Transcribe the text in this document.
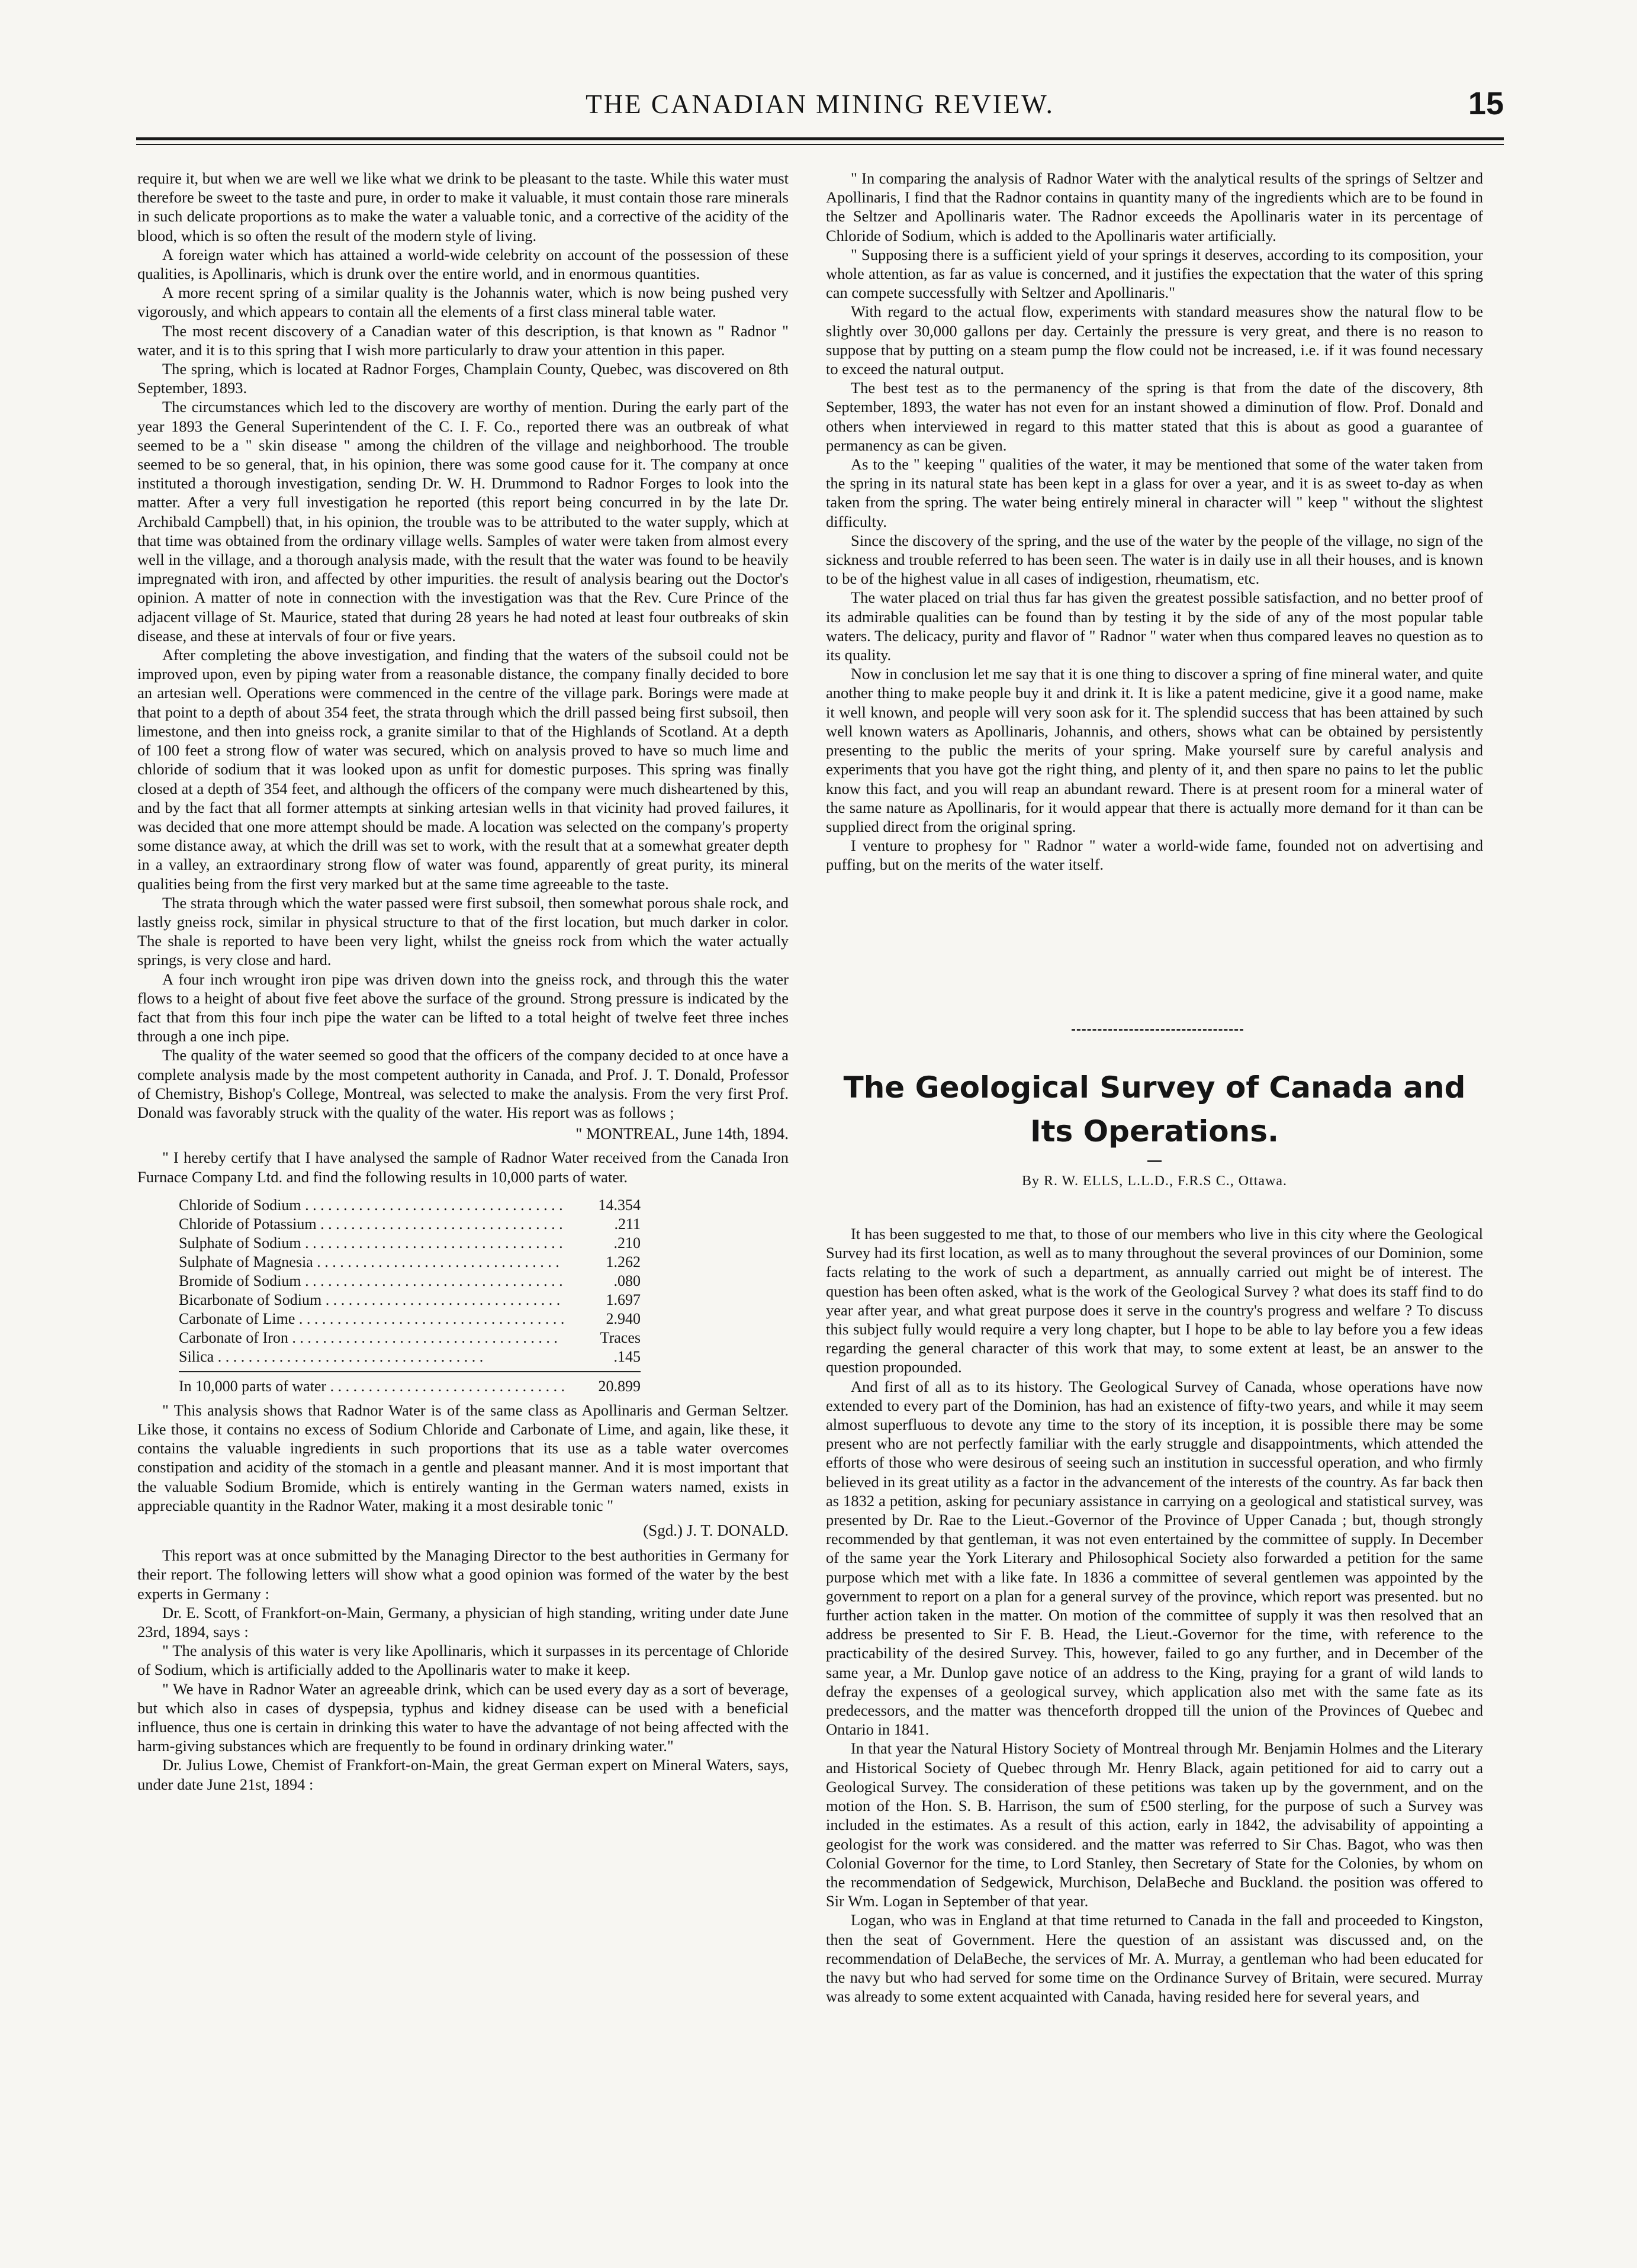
THE CANADIAN MINING REVIEW.	15

require it, but when we are well we like what we drink to be pleasant to the taste. While this water must therefore be sweet to the taste and pure, in order to make it valuable, it must contain those rare minerals in such delicate proportions as to make the water a valuable tonic, and a corrective of the acidity of the blood, which is so often the result of the modern style of living.

A foreign water which has attained a world-wide celebrity on account of the possession of these qualities, is Apollinaris, which is drunk over the entire world, and in enormous quantities.

A more recent spring of a similar quality is the Johannis water, which is now being pushed very vigorously, and which appears to contain all the elements of a first class mineral table water.

The most recent discovery of a Canadian water of this description, is that known as " Radnor " water, and it is to this spring that I wish more particularly to draw your attention in this paper.

The spring, which is located at Radnor Forges, Champlain County, Quebec, was discovered on 8th September, 1893.

The circumstances which led to the discovery are worthy of mention. During the early part of the year 1893 the General Superintendent of the C. I. F. Co., reported there was an outbreak of what seemed to be a " skin disease " among the children of the village and neighborhood. The trouble seemed to be so general, that, in his opinion, there was some good cause for it. The company at once instituted a thorough investigation, sending Dr. W. H. Drummond to Radnor Forges to look into the matter. After a very full investigation he reported (this report being concurred in by the late Dr. Archibald Campbell) that, in his opinion, the trouble was to be attributed to the water supply, which at that time was obtained from the ordinary village wells. Samples of water were taken from almost every well in the village, and a thorough analysis made, with the result that the water was found to be heavily impregnated with iron, and affected by other impurities. the result of analysis bearing out the Doctor's opinion. A matter of note in connection with the investigation was that the Rev. Cure Prince of the adjacent village of St. Maurice, stated that during 28 years he had noted at least four outbreaks of skin disease, and these at intervals of four or five years.

After completing the above investigation, and finding that the waters of the subsoil could not be improved upon, even by piping water from a reasonable distance, the company finally decided to bore an artesian well. Operations were commenced in the centre of the village park. Borings were made at that point to a depth of about 354 feet, the strata through which the drill passed being first subsoil, then limestone, and then into gneiss rock, a granite similar to that of the Highlands of Scotland. At a depth of 100 feet a strong flow of water was secured, which on analysis proved to have so much lime and chloride of sodium that it was looked upon as unfit for domestic purposes. This spring was finally closed at a depth of 354 feet, and although the officers of the company were much disheartened by this, and by the fact that all former attempts at sinking artesian wells in that vicinity had proved failures, it was decided that one more attempt should be made. A location was selected on the company's property some distance away, at which the drill was set to work, with the result that at a somewhat greater depth in a valley, an extraordinary strong flow of water was found, apparently of great purity, its mineral qualities being from the first very marked but at the same time agreeable to the taste.

The strata through which the water passed were first subsoil, then somewhat porous shale rock, and lastly gneiss rock, similar in physical structure to that of the first location, but much darker in color. The shale is reported to have been very light, whilst the gneiss rock from which the water actually springs, is very close and hard.

A four inch wrought iron pipe was driven down into the gneiss rock, and through this the water flows to a height of about five feet above the surface of the ground. Strong pressure is indicated by the fact that from this four inch pipe the water can be lifted to a total height of twelve feet three inches through a one inch pipe.

The quality of the water seemed so good that the officers of the company decided to at once have a complete analysis made by the most competent authority in Canada, and Prof. J. T. Donald, Professor of Chemistry, Bishop's College, Montreal, was selected to make the analysis. From the very first Prof. Donald was favorably struck with the quality of the water. His report was as follows ;

" MONTREAL, June 14th, 1894.

" I hereby certify that I have analysed the sample of Radnor Water received from the Canada Iron Furnace Company Ltd. and find the following results in 10,000 parts of water.

Chloride of Sodium . . .	14.354
Chloride of Potassium . . .	.211
Sulphate of Sodium . . .	.210
Sulphate of Magnesia . . .	1.262
Bromide of Sodium . . .	.080
Bicarbonate of Sodium . . .	1.697
Carbonate of Lime . . .	2.940
Carbonate of Iron . . .	Traces
Silica . . .	.145
In 10,000 parts of water . . .	20.899

" This analysis shows that Radnor Water is of the same class as Apollinaris and German Seltzer. Like those, it contains no excess of Sodium Chloride and Carbonate of Lime, and again, like these, it contains the valuable ingredients in such proportions that its use as a table water overcomes constipation and acidity of the stomach in a gentle and pleasant manner. And it is most important that the valuable Sodium Bromide, which is entirely wanting in the German waters named, exists in appreciable quantity in the Radnor Water, making it a most desirable tonic "

(Sgd.) J. T. DONALD.

This report was at once submitted by the Managing Director to the best authorities in Germany for their report. The following letters will show what a good opinion was formed of the water by the best experts in Germany :

Dr. E. Scott, of Frankfort-on-Main, Germany, a physician of high standing, writing under date June 23rd, 1894, says :

" The analysis of this water is very like Apollinaris, which it surpasses in its percentage of Chloride of Sodium, which is artificially added to the Apollinaris water to make it keep.

" We have in Radnor Water an agreeable drink, which can be used every day as a sort of beverage, but which also in cases of dyspepsia, typhus and kidney disease can be used with a beneficial influence, thus one is certain in drinking this water to have the advantage of not being affected with the harm-giving substances which are frequently to be found in ordinary drinking water."

Dr. Julius Lowe, Chemist of Frankfort-on-Main, the great German expert on Mineral Waters, says, under date June 21st, 1894 :

" In comparing the analysis of Radnor Water with the analytical results of the springs of Seltzer and Apollinaris, I find that the Radnor contains in quantity many of the ingredients which are to be found in the Seltzer and Apollinaris water. The Radnor exceeds the Apollinaris water in its percentage of Chloride of Sodium, which is added to the Apollinaris water artificially.

" Supposing there is a sufficient yield of your springs it deserves, according to its composition, your whole attention, as far as value is concerned, and it justifies the expectation that the water of this spring can compete successfully with Seltzer and Apollinaris."

With regard to the actual flow, experiments with standard measures show the natural flow to be slightly over 30,000 gallons per day. Certainly the pressure is very great, and there is no reason to suppose that by putting on a steam pump the flow could not be increased, i.e. if it was found necessary to exceed the natural output.

The best test as to the permanency of the spring is that from the date of the discovery, 8th September, 1893, the water has not even for an instant showed a diminution of flow. Prof. Donald and others when interviewed in regard to this matter stated that this is about as good a guarantee of permanency as can be given.

As to the " keeping " qualities of the water, it may be mentioned that some of the water taken from the spring in its natural state has been kept in a glass for over a year, and it is as sweet to-day as when taken from the spring. The water being entirely mineral in character will " keep " without the slightest difficulty.

Since the discovery of the spring, and the use of the water by the people of the village, no sign of the sickness and trouble referred to has been seen. The water is in daily use in all their houses, and is known to be of the highest value in all cases of indigestion, rheumatism, etc.

The water placed on trial thus far has given the greatest possible satisfaction, and no better proof of its admirable qualities can be found than by testing it by the side of any of the most popular table waters. The delicacy, purity and flavor of " Radnor " water when thus compared leaves no question as to its quality.

Now in conclusion let me say that it is one thing to discover a spring of fine mineral water, and quite another thing to make people buy it and drink it. It is like a patent medicine, give it a good name, make it well known, and people will very soon ask for it. The splendid success that has been attained by such well known waters as Apollinaris, Johannis, and others, shows what can be obtained by persistently presenting to the public the merits of your spring. Make yourself sure by careful analysis and experiments that you have got the right thing, and plenty of it, and then spare no pains to let the public know this fact, and you will reap an abundant reward. There is at present room for a mineral water of the same nature as Apollinaris, for it would appear that there is actually more demand for it than can be supplied direct from the original spring.

I venture to prophesy for " Radnor " water a world-wide fame, founded not on advertising and puffing, but on the merits of the water itself.

The Geological Survey of Canada and Its Operations.
By R. W. ELLS, L.L.D., F.R.S C., Ottawa.

It has been suggested to me that, to those of our members who live in this city where the Geological Survey had its first location, as well as to many throughout the several provinces of our Dominion, some facts relating to the work of such a department, as annually carried out might be of interest. The question has been often asked, what is the work of the Geological Survey ? what does its staff find to do year after year, and what great purpose does it serve in the country's progress and welfare ? To discuss this subject fully would require a very long chapter, but I hope to be able to lay before you a few ideas regarding the general character of this work that may, to some extent at least, be an answer to the question propounded.

And first of all as to its history. The Geological Survey of Canada, whose operations have now extended to every part of the Dominion, has had an existence of fifty-two years, and while it may seem almost superfluous to devote any time to the story of its inception, it is possible there may be some present who are not perfectly familiar with the early struggle and disappointments, which attended the efforts of those who were desirous of seeing such an institution in successful operation, and who firmly believed in its great utility as a factor in the advancement of the interests of the country. As far back then as 1832 a petition, asking for pecuniary assistance in carrying on a geological and statistical survey, was presented by Dr. Rae to the Lieut.-Governor of the Province of Upper Canada ; but, though strongly recommended by that gentleman, it was not even entertained by the committee of supply. In December of the same year the York Literary and Philosophical Society also forwarded a petition for the same purpose which met with a like fate. In 1836 a committee of several gentlemen was appointed by the government to report on a plan for a general survey of the province, which report was presented. but no further action taken in the matter. On motion of the committee of supply it was then resolved that an address be presented to Sir F. B. Head, the Lieut.-Governor for the time, with reference to the practicability of the desired Survey. This, however, failed to go any further, and in December of the same year, a Mr. Dunlop gave notice of an address to the King, praying for a grant of wild lands to defray the expenses of a geological survey, which application also met with the same fate as its predecessors, and the matter was thenceforth dropped till the union of the Provinces of Quebec and Ontario in 1841.

In that year the Natural History Society of Montreal through Mr. Benjamin Holmes and the Literary and Historical Society of Quebec through Mr. Henry Black, again petitioned for aid to carry out a Geological Survey. The consideration of these petitions was taken up by the government, and on the motion of the Hon. S. B. Harrison, the sum of £500 sterling, for the purpose of such a Survey was included in the estimates. As a result of this action, early in 1842, the advisability of appointing a geologist for the work was considered. and the matter was referred to Sir Chas. Bagot, who was then Colonial Governor for the time, to Lord Stanley, then Secretary of State for the Colonies, by whom on the recommendation of Sedgewick, Murchison, DelaBeche and Buckland. the position was offered to Sir Wm. Logan in September of that year.

Logan, who was in England at that time returned to Canada in the fall and proceeded to Kingston, then the seat of Government. Here the question of an assistant was discussed and, on the recommendation of DelaBeche, the services of Mr. A. Murray, a gentleman who had been educated for the navy but who had served for some time on the Ordinance Survey of Britain, were secured. Murray was already to some extent acquainted with Canada, having resided here for several years, and
